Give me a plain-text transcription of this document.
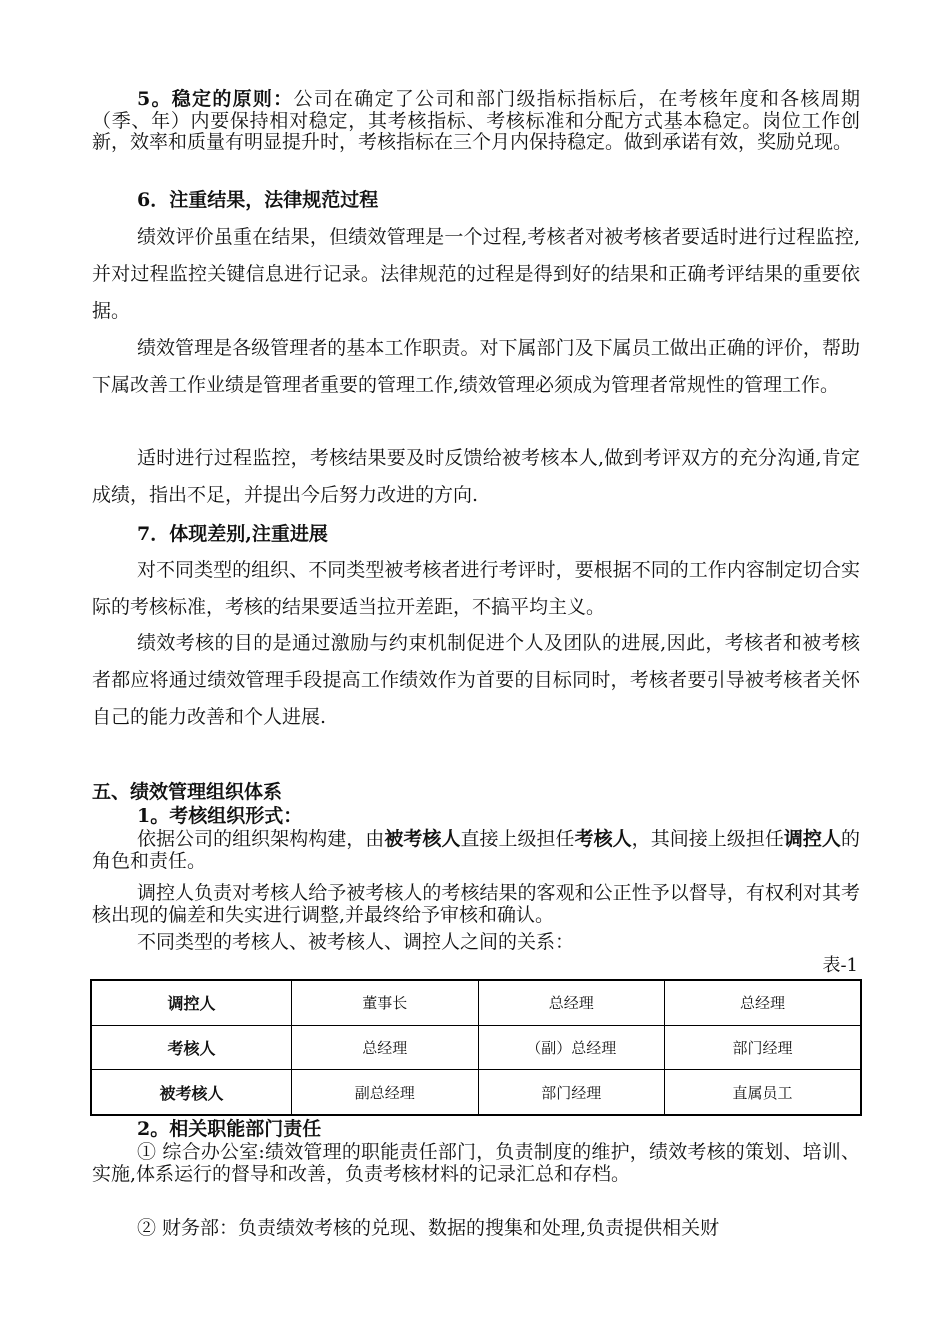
5。稳定的原则：公司在确定了公司和部门级指标指标后，在考核年度和各核周期（季、年）内要保持相对稳定，其考核指标、考核标准和分配方式基本稳定。岗位工作创新，效率和质量有明显提升时，考核指标在三个月内保持稳定。做到承诺有效，奖励兑现。

6．注重结果，法律规范过程

绩效评价虽重在结果，但绩效管理是一个过程,考核者对被考核者要适时进行过程监控,并对过程监控关键信息进行记录。法律规范的过程是得到好的结果和正确考评结果的重要依据。

绩效管理是各级管理者的基本工作职责。对下属部门及下属员工做出正确的评价，帮助下属改善工作业绩是管理者重要的管理工作,绩效管理必须成为管理者常规性的管理工作。

适时进行过程监控，考核结果要及时反馈给被考核本人,做到考评双方的充分沟通,肯定成绩，指出不足，并提出今后努力改进的方向.

7．体现差别,注重进展

对不同类型的组织、不同类型被考核者进行考评时，要根据不同的工作内容制定切合实际的考核标准，考核的结果要适当拉开差距，不搞平均主义。

绩效考核的目的是通过激励与约束机制促进个人及团队的进展,因此，考核者和被考核者都应将通过绩效管理手段提高工作绩效作为首要的目标同时，考核者要引导被考核者关怀自己的能力改善和个人进展.

五、绩效管理组织体系
1。考核组织形式：

依据公司的组织架构构建，由被考核人直接上级担任考核人，其间接上级担任调控人的角色和责任。

调控人负责对考核人给予被考核人的考核结果的客观和公正性予以督导，有权利对其考核出现的偏差和失实进行调整,并最终给予审核和确认。

不同类型的考核人、被考核人、调控人之间的关系：

表-1
调控人	董事长	总经理	总经理
考核人	总经理	（副）总经理	部门经理
被考核人	副总经理	部门经理	直属员工
2。相关职能部门责任

① 综合办公室:绩效管理的职能责任部门，负责制度的维护，绩效考核的策划、培训、实施,体系运行的督导和改善，负责考核材料的记录汇总和存档。

② 财务部：负责绩效考核的兑现、数据的搜集和处理,负责提供相关财
